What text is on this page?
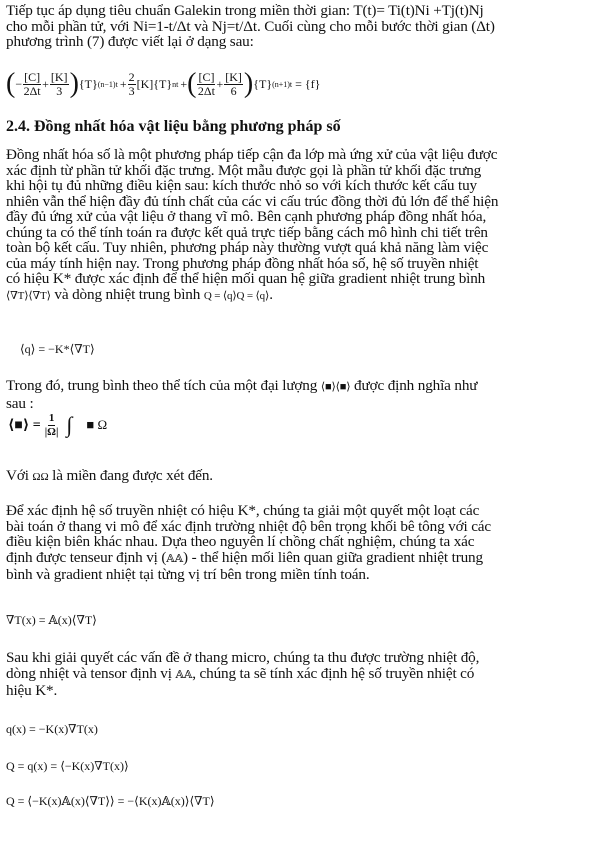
Tiếp tục áp dụng tiêu chuẩn Galekin trong miền thời gian: T(t)= Ti(t)Ni +Tj(t)Nj
cho mỗi phần tử, với Ni=1-t/Δt và Nj=t/Δt. Cuối cùng cho mỗi bước thời gian (Δt)
phương trình (7) được viết lại ở dạng sau:
( − $\frac{[C]}{2\Delta t} + \frac{[K]}{3}$ ) {T} $(n-1)t + \frac{2}{3} [K]\{T\}$ nt + ( $\frac{[C]}{2\Delta t} + \frac{[K]}{6}$ ) {T} (n+1)t = {f}
2.4. Đồng nhất hóa vật liệu bằng phương pháp số
Đồng nhất hóa số là một phương pháp tiếp cận đa lớp mà ứng xử của vật liệu được
xác định từ phần tử khối đặc trưng. Một mẫu được gọi là phần tử khối đặc trưng
khi hội tụ đủ những điều kiện sau: kích thước nhỏ so với kích thước kết cấu tuy
nhiên vẫn thể hiện đầy đủ tính chất của các vi cấu trúc đồng thời đủ lớn để thể hiện
đầy đủ ứng xử của vật liệu ở thang vĩ mô. Bên cạnh phương pháp đồng nhất hóa,
chúng ta có thể tính toán ra được kết quả trực tiếp bằng cách mô hình chi tiết trên
toàn bộ kết cấu. Tuy nhiên, phương pháp này thường vượt quá khả năng làm việc
của máy tính hiện nay. Trong phương pháp đồng nhất hóa số, hệ số truyền nhiệt
có hiệu K* được xác định để thể hiện mối quan hệ giữa gradient nhiệt trung bình
⟨∇T⟩⟨∇T⟩ và dòng nhiệt trung bình Q = ⟨q⟩Q = ⟨q⟩.
⟨q⟩ = −K*⟨∇T⟩
Trong đó, trung bình theo thể tích của một đại lượng ⟨■⟩⟨■⟩ được định nghĩa như
sau :
⟨■⟩ = $\frac{1}{|\Omega|}$ ∫ ■ Ω
Với ΩΩ là miền đang được xét đến.
Để xác định hệ số truyền nhiệt có hiệu K*, chúng ta giải một quyết một loạt các
bài toán ở thang vi mô để xác định trường nhiệt độ bên trọng khối bê tông với các
điều kiện biên khác nhau. Dựa theo nguyên lí chồng chất nghiệm, chúng ta xác
định được tenseur định vị (𝔸𝔸) - thể hiện mối liên quan giữa gradient nhiệt trung
bình và gradient nhiệt tại từng vị trí bên trong miền tính toán.
∇T(x) = 𝔸(x)⟨∇T⟩
Sau khi giải quyết các vấn đề ở thang micro, chúng ta thu được trường nhiệt độ,
dòng nhiệt và tensor định vị 𝔸𝔸, chúng ta sẽ tính xác định hệ số truyền nhiệt có
hiệu K*.
q(x) = −K(x)∇T(x)
Q = q(x) = ⟨−K(x)∇T(x)⟩
Q = ⟨−K(x)𝔸(x)⟨∇T⟩⟩ = −⟨K(x)𝔸(x)⟩⟨∇T⟩
